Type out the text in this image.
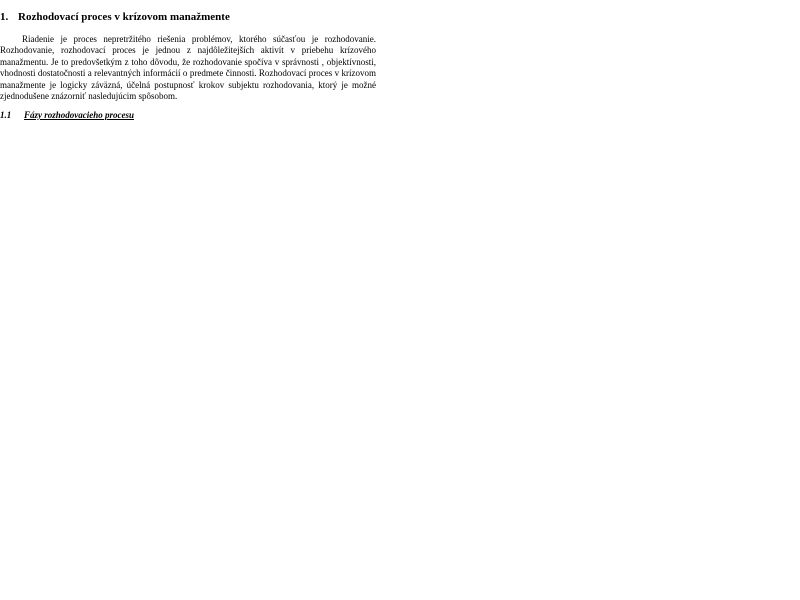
1. Rozhodovací proces v krízovom manažmente

Riadenie je proces nepretržitého riešenia problémov, ktorého súčasťou je rozhodovanie. Rozhodovanie, rozhodovací proces je jednou z najdôležitejších aktivít v priebehu krízového manažmentu. Je to predovšetkým z toho dôvodu, že rozhodovanie spočíva v správnosti , objektívnosti, vhodnosti dostatočnosti a relevantných informácií o predmete činnosti. Rozhodovací proces v krízovom manažmente je logicky záväzná, účelná postupnosť krokov subjektu rozhodovania, ktorý je možné zjednodušene znázorniť nasledujúcim spôsobom.

1.1 Fázy rozhodovacieho procesu
